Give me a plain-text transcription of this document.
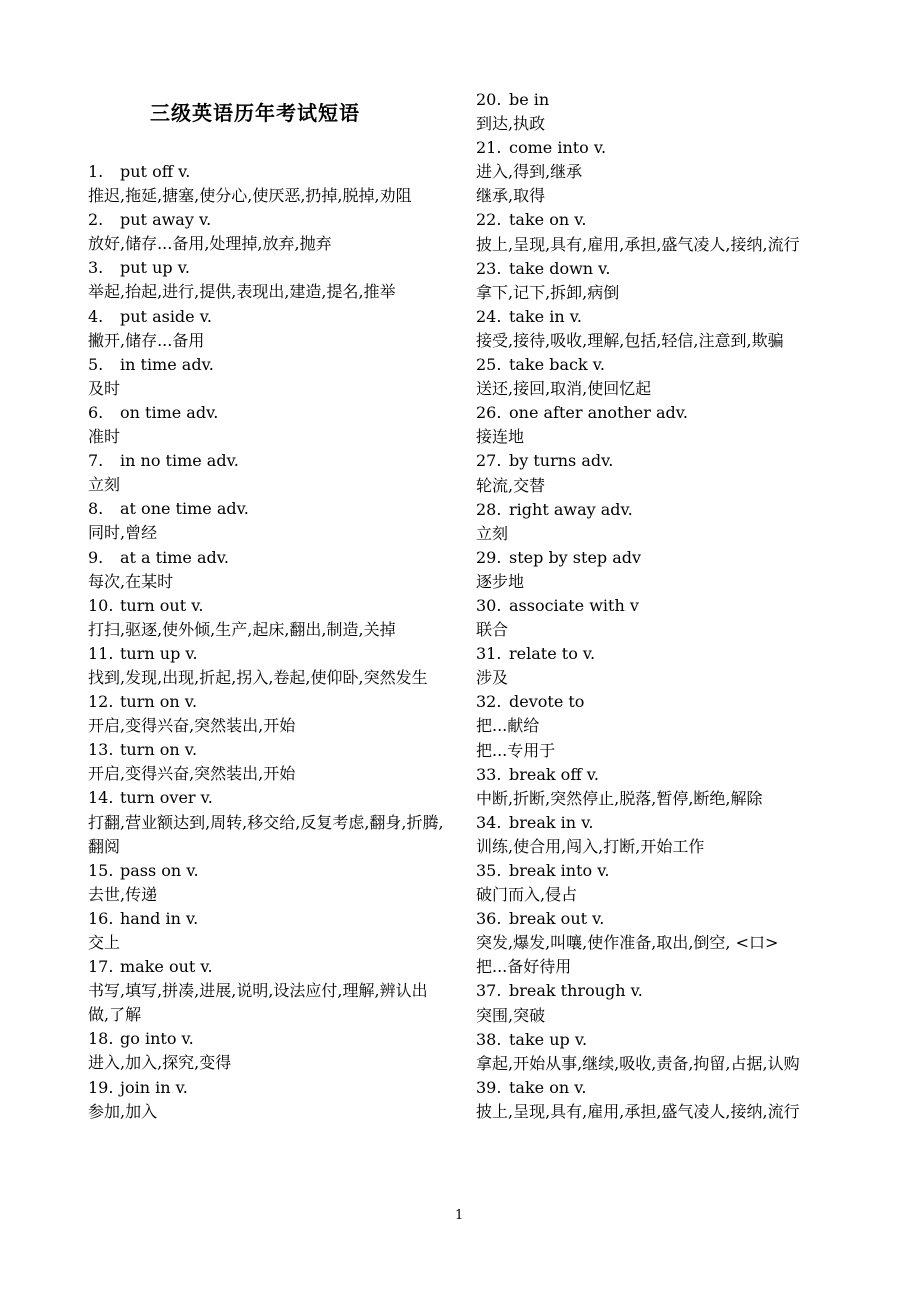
三级英语历年考试短语
1. put off v.
推迟,拖延,搪塞,使分心,使厌恶,扔掉,脱掉,劝阻
2. put away v.
放好,储存...备用,处理掉,放弃,抛弃
3. put up v.
举起,抬起,进行,提供,表现出,建造,提名,推举
4. put aside v.
撇开,储存...备用
5. in time adv.
及时
6. on time adv.
准时
7. in no time adv.
立刻
8. at one time adv.
同时,曾经
9. at a time adv.
每次,在某时
10. turn out v.
打扫,驱逐,使外倾,生产,起床,翻出,制造,关掉
11. turn up v.
找到,发现,出现,折起,拐入,卷起,使仰卧,突然发生
12. turn on v.
开启,变得兴奋,突然装出,开始
13. turn on v.
开启,变得兴奋,突然装出,开始
14. turn over v.
打翻,营业额达到,周转,移交给,反复考虑,翻身,折腾,翻阅
15. pass on v.
去世,传递
16. hand in v.
交上
17. make out v.
书写,填写,拼凑,进展,说明,设法应付,理解,辨认出
做,了解
18. go into v.
进入,加入,探究,变得
19. join in v.
参加,加入
20. be in
到达,执政
21. come into v.
进入,得到,继承
继承,取得
22. take on v.
披上,呈现,具有,雇用,承担,盛气凌人,接纳,流行
23. take down v.
拿下,记下,拆卸,病倒
24. take in v.
接受,接待,吸收,理解,包括,轻信,注意到,欺骗
25. take back v.
送还,接回,取消,使回忆起
26. one after another adv.
接连地
27. by turns adv.
轮流,交替
28. right away adv.
立刻
29. step by step adv
逐步地
30. associate with v
联合
31. relate to v.
涉及
32. devote to
把...献给
把...专用于
33. break off v.
中断,折断,突然停止,脱落,暂停,断绝,解除
34. break in v.
训练,使合用,闯入,打断,开始工作
35. break into v.
破门而入,侵占
36. break out v.
突发,爆发,叫嚷,使作准备,取出,倒空, <口>
把...备好待用
37. break through v.
突围,突破
38. take up v.
拿起,开始从事,继续,吸收,责备,拘留,占据,认购
39. take on v.
披上,呈现,具有,雇用,承担,盛气凌人,接纳,流行
1
